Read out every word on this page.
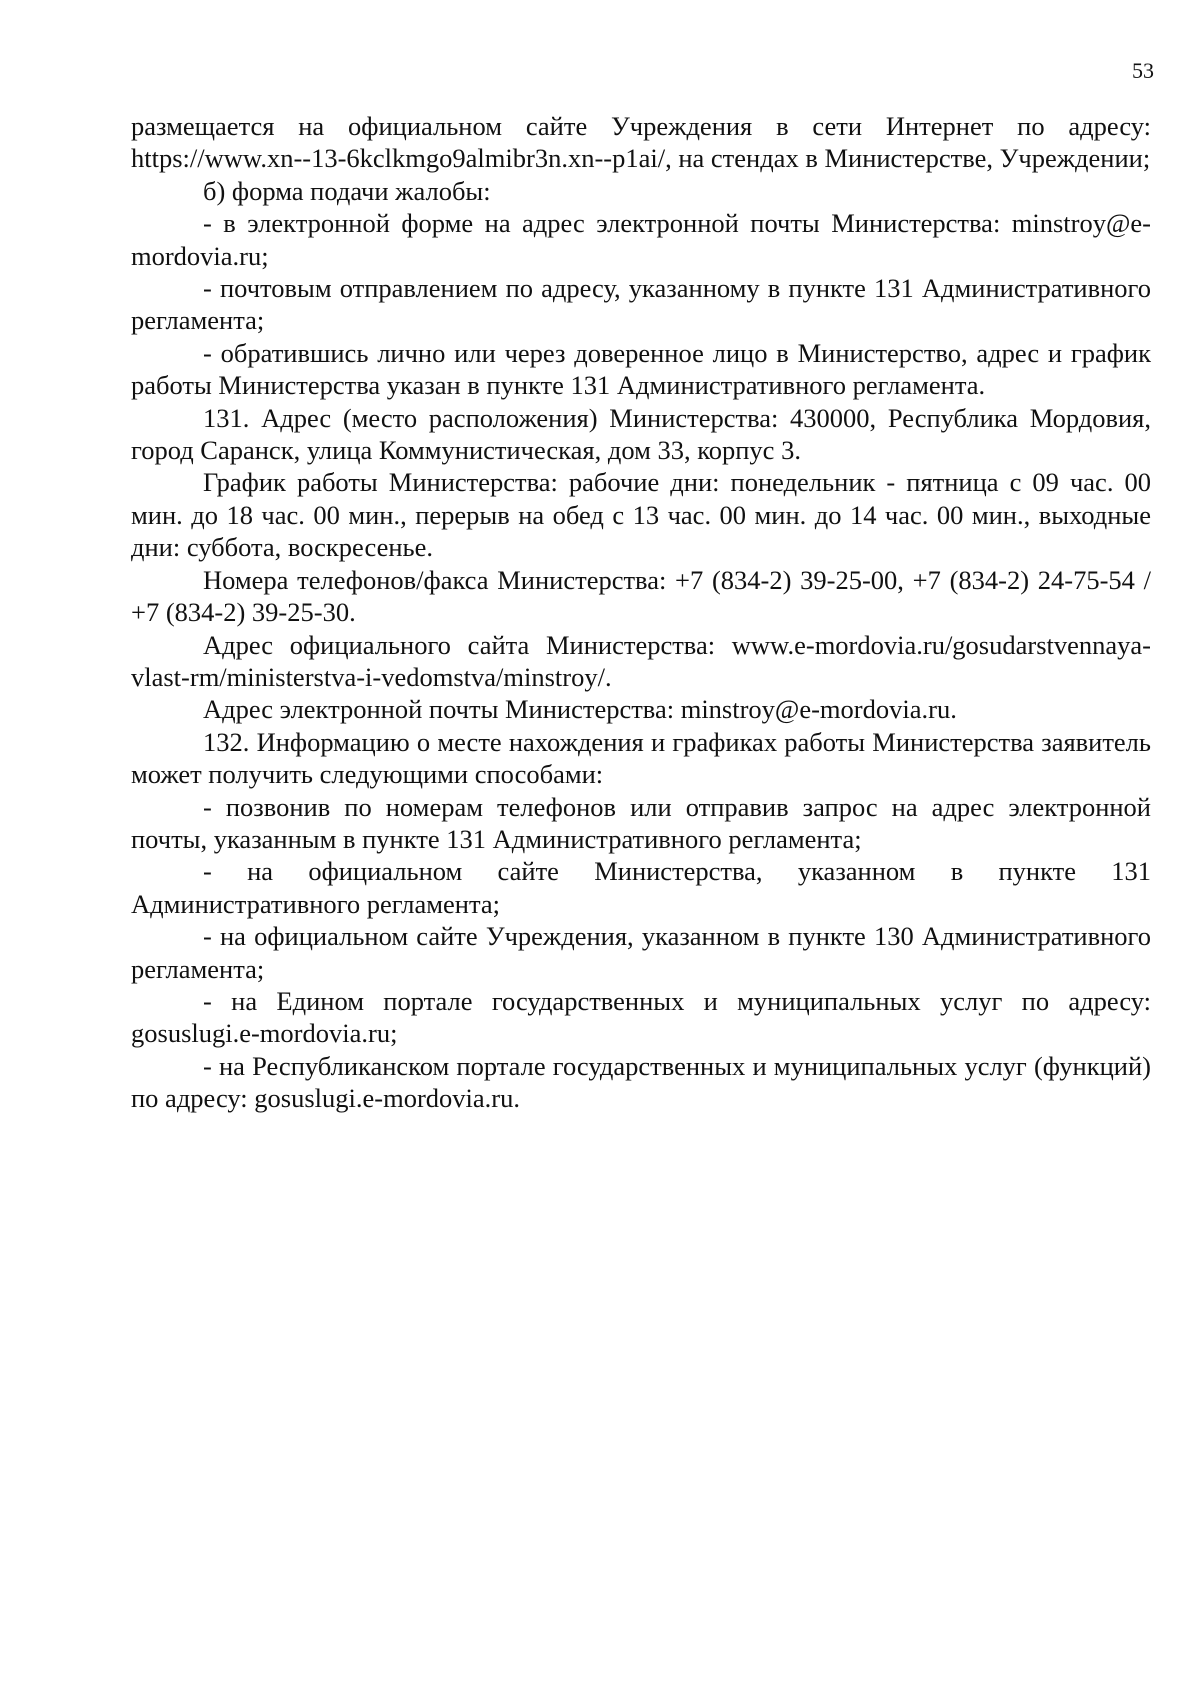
53

размещается на официальном сайте Учреждения в сети Интернет по адресу: https://www.xn--13-6kclkmgo9almibr3n.xn--p1ai/, на стендах в Министерстве, Учреждении;

б) форма подачи жалобы:

- в электронной форме на адрес электронной почты Министерства: minstroy@e-mordovia.ru;

- почтовым отправлением по адресу, указанному в пункте 131 Административного регламента;

- обратившись лично или через доверенное лицо в Министерство, адрес и график работы Министерства указан в пункте 131 Административного регламента.

131. Адрес (место расположения) Министерства: 430000, Республика Мордовия, город Саранск, улица Коммунистическая, дом 33, корпус 3.

График работы Министерства: рабочие дни: понедельник - пятница с 09 час. 00 мин. до 18 час. 00 мин., перерыв на обед с 13 час. 00 мин. до 14 час. 00 мин., выходные дни: суббота, воскресенье.

Номера телефонов/факса Министерства: +7 (834-2) 39-25-00, +7 (834-2) 24-75-54 / +7 (834-2) 39-25-30.

Адрес официального сайта Министерства: www.e-mordovia.ru/gosudarstvennaya-vlast-rm/ministerstva-i-vedomstva/minstroy/.

Адрес электронной почты Министерства: minstroy@e-mordovia.ru.

132. Информацию о месте нахождения и графиках работы Министерства заявитель может получить следующими способами:

- позвонив по номерам телефонов или отправив запрос на адрес электронной почты, указанным в пункте 131 Административного регламента;

- на официальном сайте Министерства, указанном в пункте 131 Административного регламента;

- на официальном сайте Учреждения, указанном в пункте 130 Административного регламента;

- на Едином портале государственных и муниципальных услуг по адресу: gosuslugi.e-mordovia.ru;

- на Республиканском портале государственных и муниципальных услуг (функций) по адресу: gosuslugi.e-mordovia.ru.
